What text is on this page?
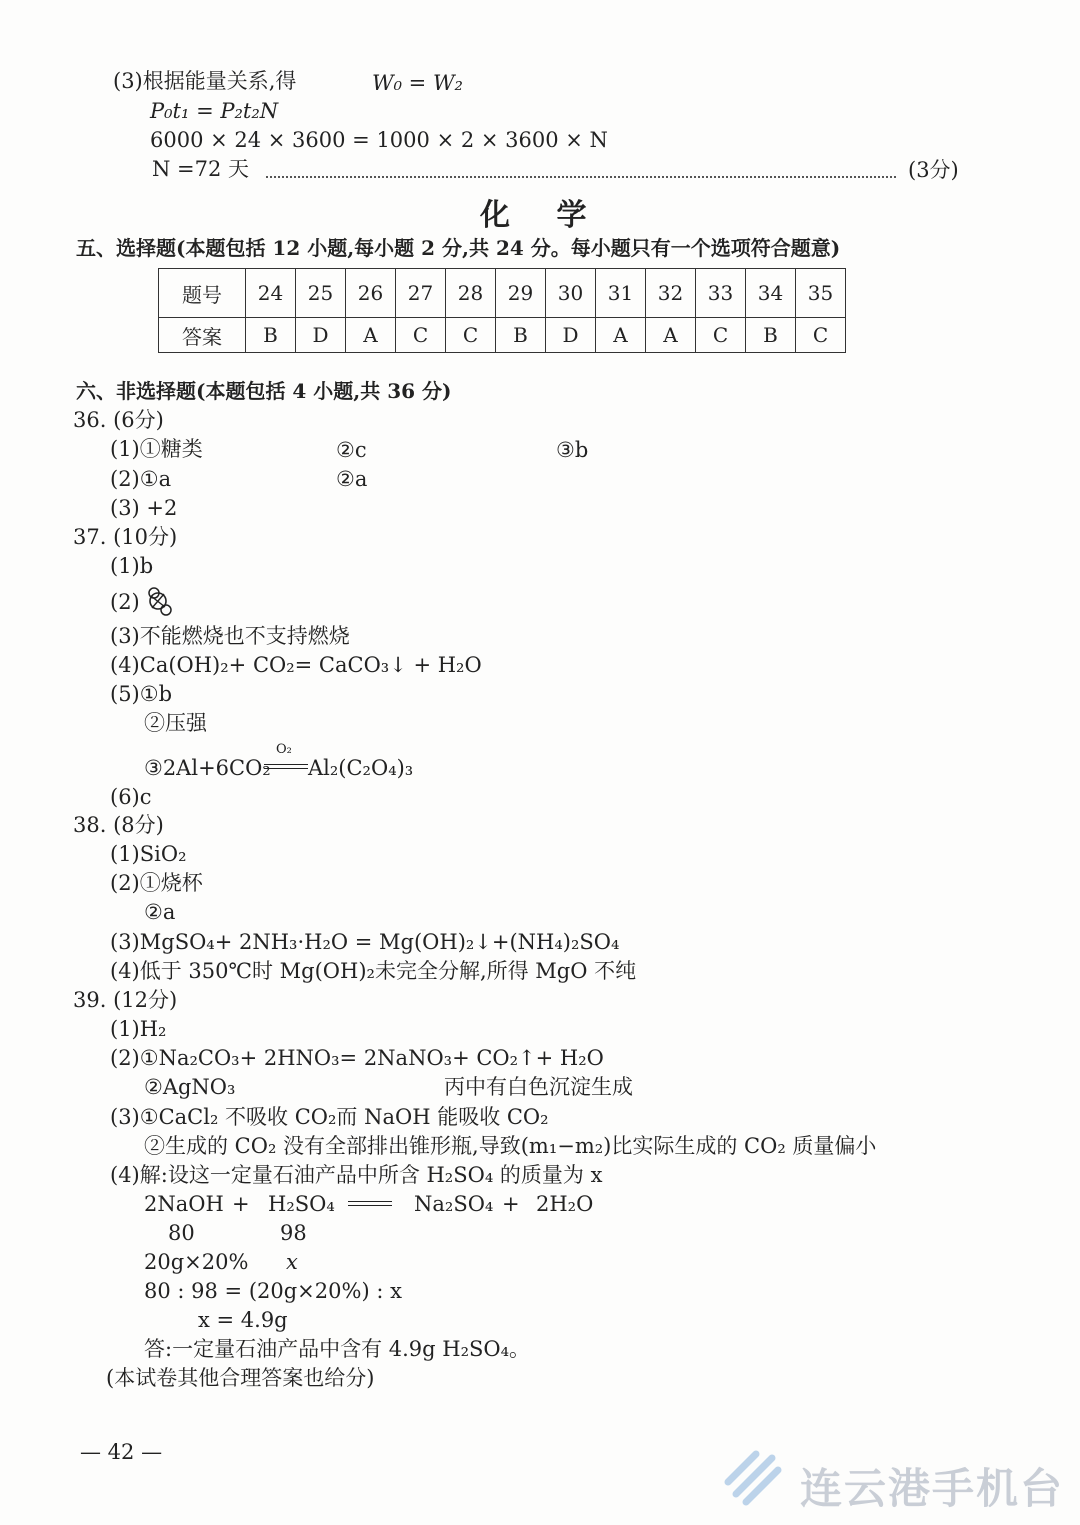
(3)根据能量关系,得	W₀ = W₂
P₀t₁ = P₂t₂N
6000 × 24 × 3600 = 1000 × 2 × 3600 × N
N =72 天	(3分)
化 学
五、选择题(本题包括 12 小题,每小题 2 分,共 24 分。每小题只有一个选项符合题意)
题号	24	25	26	27	28	29	30	31	32	33	34	35
答案	B	D	A	C	C	B	D	A	A	C	B	C
六、非选择题(本题包括 4 小题,共 36 分)
36. (6分)
(1)①糖类	②c	③b
(2)①a	②a
(3) +2
37. (10分)
(1)b
(2)
(3)不能燃烧也不支持燃烧
(4)Ca(OH)₂+ CO₂= CaCO₃↓ + H₂O
(5)①b
②压强
③2Al+6CO₂
O₂
Al₂(C₂O₄)₃
(6)c
38. (8分)
(1)SiO₂
(2)①烧杯
②a
(3)MgSO₄+ 2NH₃·H₂O = Mg(OH)₂↓+(NH₄)₂SO₄
(4)低于 350℃时 Mg(OH)₂未完全分解,所得 MgO 不纯
39. (12分)
(1)H₂
(2)①Na₂CO₃+ 2HNO₃= 2NaNO₃+ CO₂↑+ H₂O
②AgNO₃	丙中有白色沉淀生成
(3)①CaCl₂ 不吸收 CO₂而 NaOH 能吸收 CO₂
②生成的 CO₂ 没有全部排出锥形瓶,导致(m₁−m₂)比实际生成的 CO₂ 质量偏小
(4)解:设这一定量石油产品中所含 H₂SO₄ 的质量为 x
2NaOH + H₂SO₄	Na₂SO₄ + 2H₂O
80	98
20g×20% x
80 : 98 = (20g×20%) : x
x = 4.9g
答:一定量石油产品中含有 4.9g H₂SO₄。
(本试卷其他合理答案也给分)
— 42 —
连云港手机台
